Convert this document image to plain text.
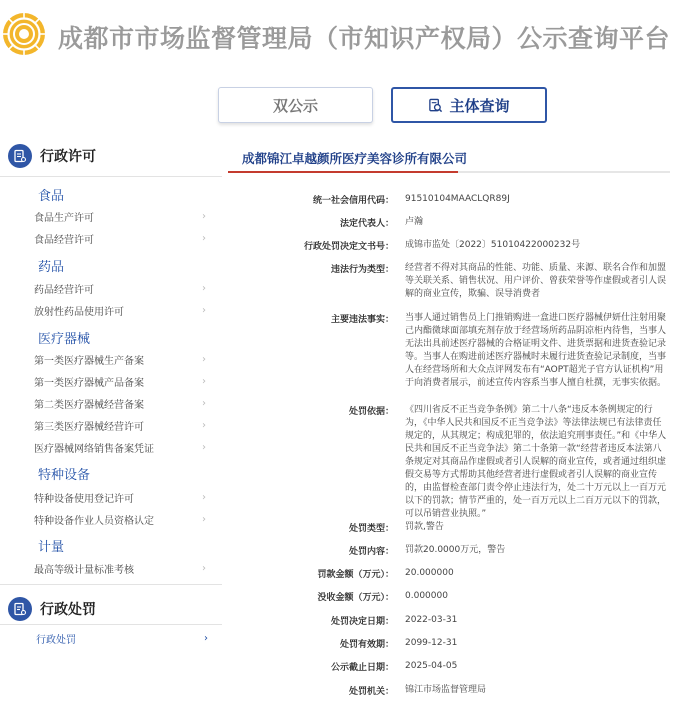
成都市市场监督管理局（市知识产权局）公示查询平台
双公示	主体查询
行政许可
食品
食品生产许可	›
食品经营许可	›
药品
药品经营许可	›
放射性药品使用许可	›
医疗器械
第一类医疗器械生产备案	›
第一类医疗器械产品备案	›
第二类医疗器械经营备案	›
第三类医疗器械经营许可	›
医疗器械网络销售备案凭证	›
特种设备
特种设备使用登记许可	›
特种设备作业人员资格认定	›
计量
最高等级计量标准考核	›
行政处罚
行政处罚	›
成都锦江卓越颜所医疗美容诊所有限公司
统一社会信用代码： 91510104MAACLQR89J
法定代表人： 卢瀚
行政处罚决定文书号： 成锦市监处〔2022〕51010422000232号
违法行为类型： 经营者不得对其商品的性能、功能、质量、来源、联名合作和加盟等关联关系、销售状况、用户评价、曾获荣誉等作虚假或者引人误解的商业宣传，欺骗、误导消费者
主要违法事实： 当事人通过销售员上门推销购进一盒进口医疗器械伊妍仕注射用聚己内酯微球面部填充剂存放于经营场所药品阴凉柜内待售，当事人无法出具前述医疗器械的合格证明文件、进货票据和进货查验记录等。当事人在购进前述医疗器械时未履行进货查验记录制度，当事人在经营场所和大众点评网发布有“AOPT超光子官方认证机构”用于向消费者展示，前述宣传内容系当事人擅自杜撰，无事实依据。
处罚依据： 《四川省反不正当竞争条例》第二十八条“违反本条例规定的行为，《中华人民共和国反不正当竞争法》等法律法规已有法律责任规定的，从其规定；构成犯罪的，依法追究刑事责任。”和《中华人民共和国反不正当竞争法》第二十条第一款“经营者违反本法第八条规定对其商品作虚假或者引人误解的商业宣传，或者通过组织虚假交易等方式帮助其他经营者进行虚假或者引人误解的商业宣传的，由监督检查部门责令停止违法行为，处二十万元以上一百万元以下的罚款；情节严重的，处一百万元以上二百万元以下的罚款，可以吊销营业执照。”
处罚类型： 罚款,警告
处罚内容： 罚款20.0000万元，警告
罚款金额（万元）： 20.000000
没收金额（万元）： 0.000000
处罚决定日期： 2022-03-31
处罚有效期： 2099-12-31
公示截止日期： 2025-04-05
处罚机关： 锦江市场监督管理局
